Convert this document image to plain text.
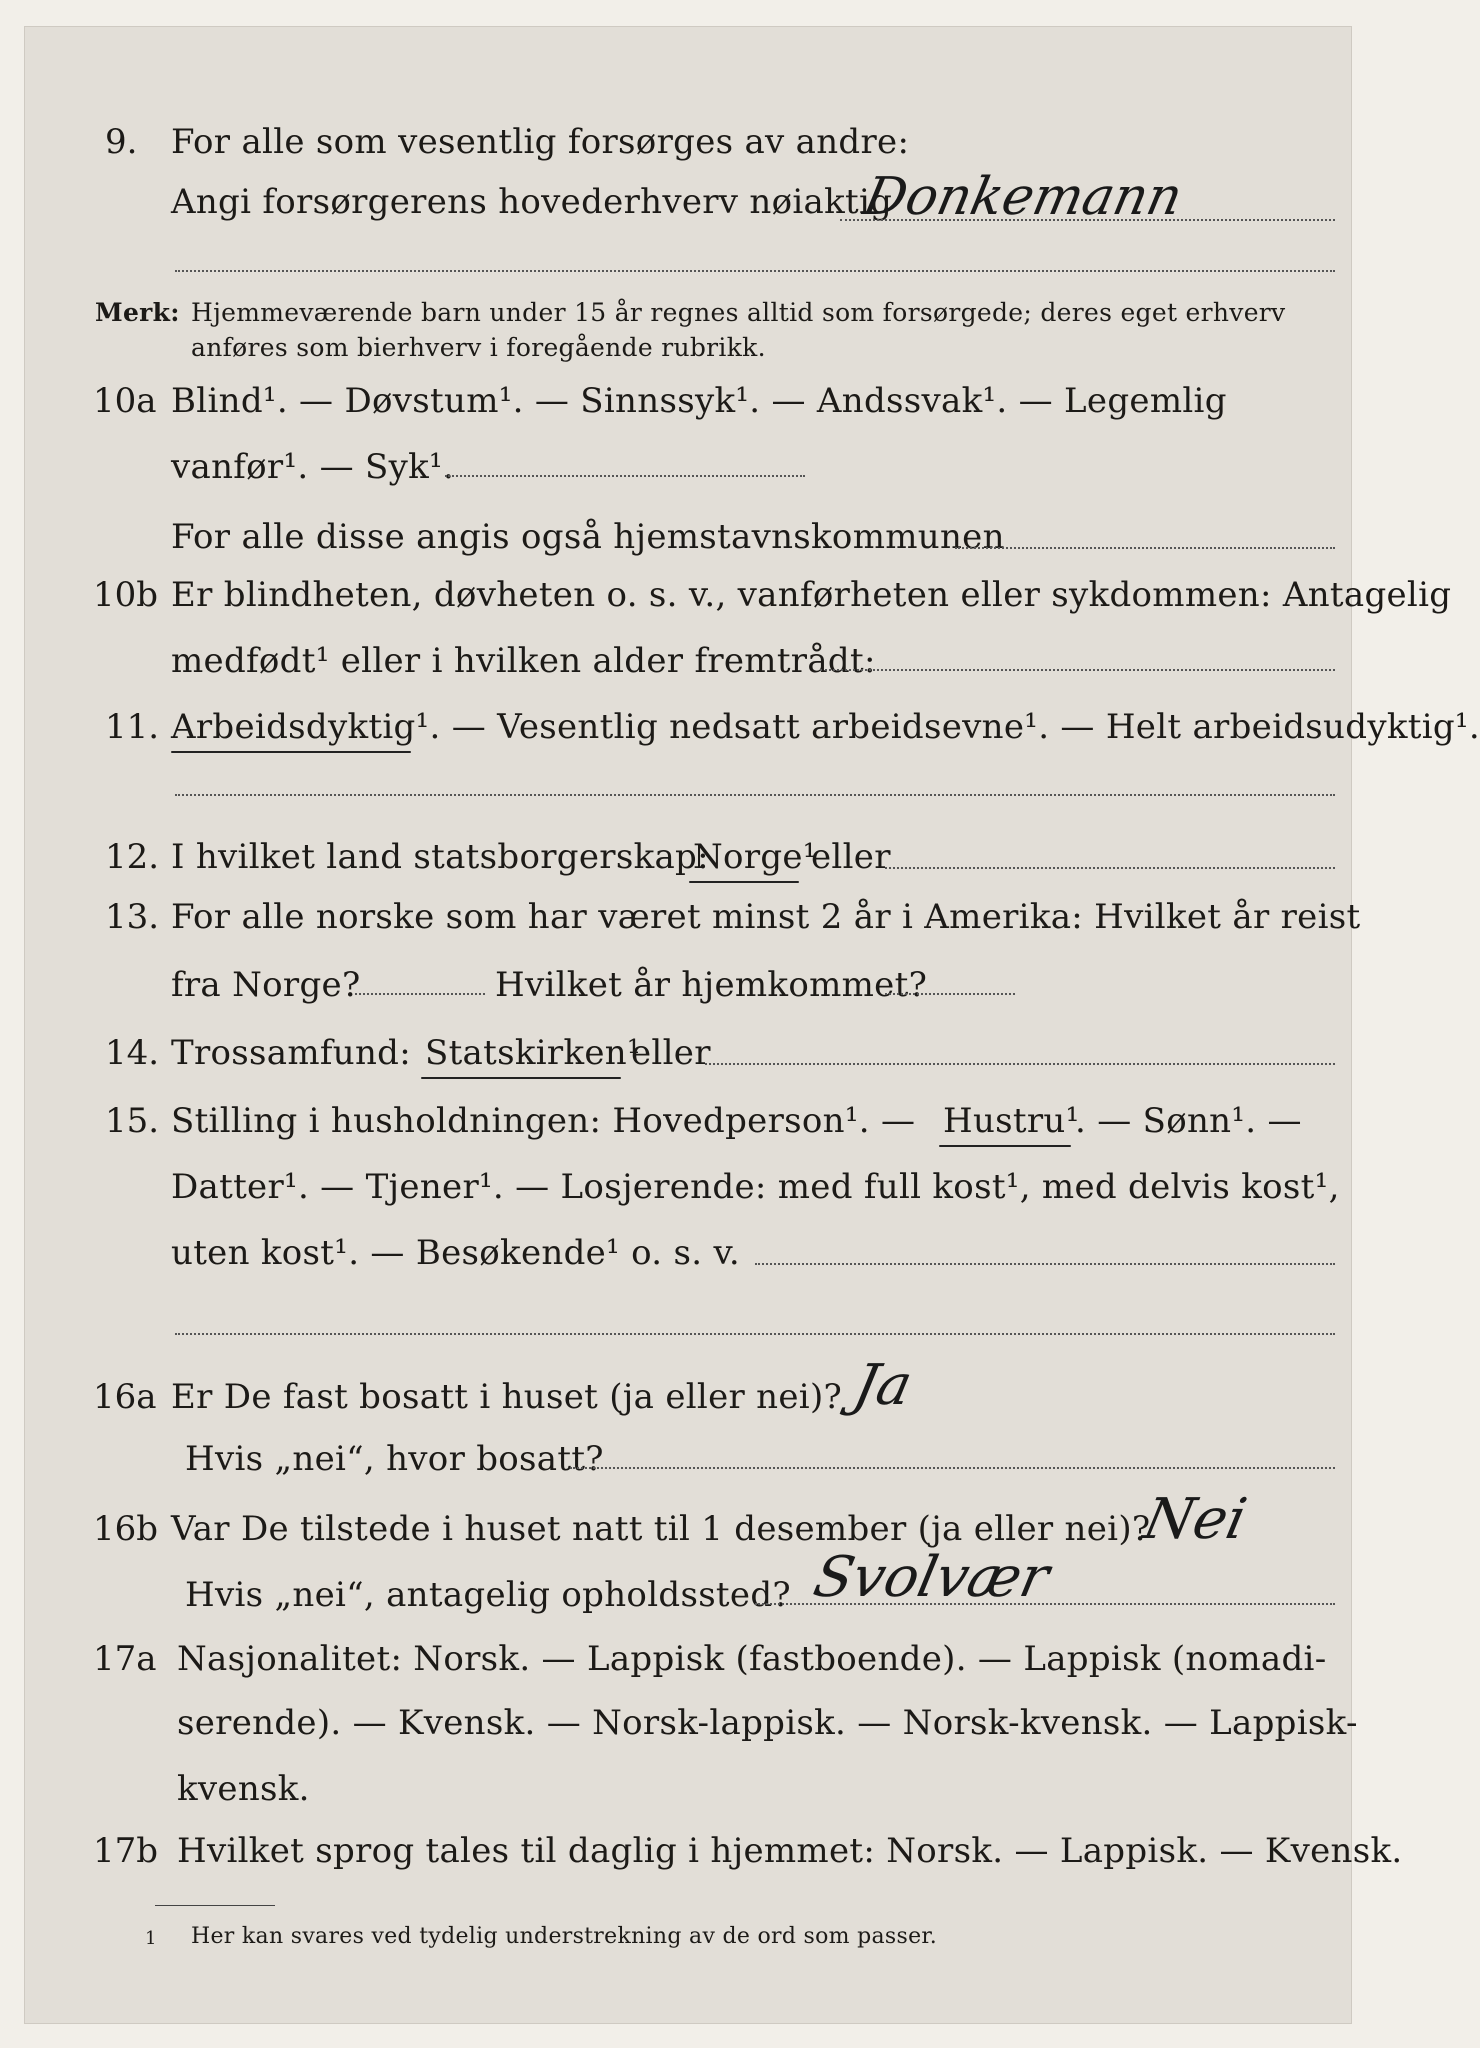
9. For alle som vesentlig forsørges av andre:
Angi forsørgerens hovederhverv nøiaktig
Donkemann
Merk: Hjemmeværende barn under 15 år regnes alltid som forsørgede; deres eget erhverv
anføres som bierhverv i foregående rubrikk.
10a Blind¹. — Døvstum¹. — Sinnssyk¹. — Andssvak¹. — Legemlig
vanfør¹. — Syk¹.
For alle disse angis også hjemstavnskommunen
10b Er blindheten, døvheten o. s. v., vanførheten eller sykdommen: Antagelig
medfødt¹ eller i hvilken alder fremtrådt:
11. Arbeidsdyktig¹. — Vesentlig nedsatt arbeidsevne¹. — Helt arbeidsudyktig¹.
12. I hvilket land statsborgerskap:
Norge¹
eller
13. For alle norske som har været minst 2 år i Amerika: Hvilket år reist
fra Norge?	Hvilket år hjemkommet?
14. Trossamfund: Statskirken¹
eller
15. Stilling i husholdningen: Hovedperson¹. — Hustru¹
. — Sønn¹. —
Datter¹. — Tjener¹. — Losjerende: med full kost¹, med delvis kost¹,
uten kost¹. — Besøkende¹ o. s. v.
16a Er De fast bosatt i huset (ja eller nei)? Ja
Hvis „nei“, hvor bosatt?
16b Var De tilstede i huset natt til 1 desember (ja eller nei)?
Nei
Hvis „nei“, antagelig opholdssted? Svolvær
17a Nasjonalitet: Norsk. — Lappisk (fastboende). — Lappisk (nomadi-
serende). — Kvensk. — Norsk-lappisk. — Norsk-kvensk. — Lappisk-
kvensk.
17b Hvilket sprog tales til daglig i hjemmet: Norsk. — Lappisk. — Kvensk.
1 Her kan svares ved tydelig understrekning av de ord som passer.
